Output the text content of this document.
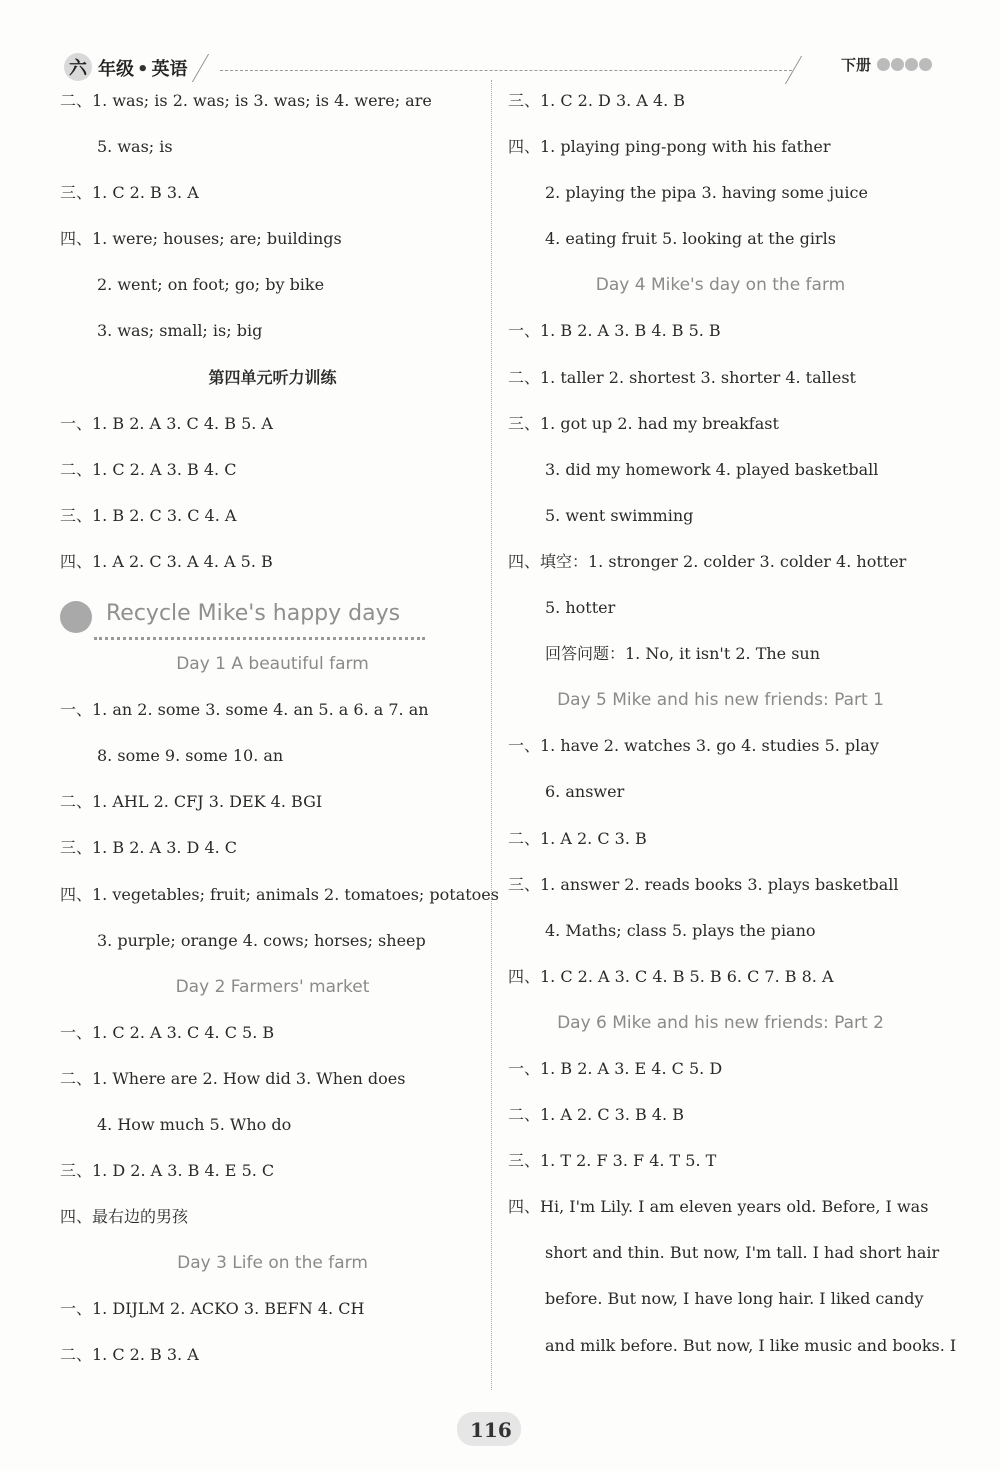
六 年级 • 英语	下册
二、1. was; is 2. was; is 3. was; is 4. were; are
5. was; is
三、1. C 2. B 3. A
四、1. were; houses; are; buildings
2. went; on foot; go; by bike
3. was; small; is; big
第四单元听力训练
一、1. B 2. A 3. C 4. B 5. A
二、1. C 2. A 3. B 4. C
三、1. B 2. C 3. C 4. A
四、1. A 2. C 3. A 4. A 5. B
Recycle Mike's happy days
Day 1 A beautiful farm
一、1. an 2. some 3. some 4. an 5. a 6. a 7. an
8. some 9. some 10. an
二、1. AHL 2. CFJ 3. DEK 4. BGI
三、1. B 2. A 3. D 4. C
四、1. vegetables; fruit; animals 2. tomatoes; potatoes
3. purple; orange 4. cows; horses; sheep
Day 2 Farmers' market
一、1. C 2. A 3. C 4. C 5. B
二、1. Where are 2. How did 3. When does
4. How much 5. Who do
三、1. D 2. A 3. B 4. E 5. C
四、最右边的男孩
Day 3 Life on the farm
一、1. DIJLM 2. ACKO 3. BEFN 4. CH
二、1. C 2. B 3. A
三、1. C 2. D 3. A 4. B
四、1. playing ping-pong with his father
2. playing the pipa 3. having some juice
4. eating fruit 5. looking at the girls
Day 4 Mike's day on the farm
一、1. B 2. A 3. B 4. B 5. B
二、1. taller 2. shortest 3. shorter 4. tallest
三、1. got up 2. had my breakfast
3. did my homework 4. played basketball
5. went swimming
四、填空：1. stronger 2. colder 3. colder 4. hotter
5. hotter
回答问题：1. No, it isn't 2. The sun
Day 5 Mike and his new friends: Part 1
一、1. have 2. watches 3. go 4. studies 5. play
6. answer
二、1. A 2. C 3. B
三、1. answer 2. reads books 3. plays basketball
4. Maths; class 5. plays the piano
四、1. C 2. A 3. C 4. B 5. B 6. C 7. B 8. A
Day 6 Mike and his new friends: Part 2
一、1. B 2. A 3. E 4. C 5. D
二、1. A 2. C 3. B 4. B
三、1. T 2. F 3. F 4. T 5. T
四、Hi, I'm Lily. I am eleven years old. Before, I was
short and thin. But now, I'm tall. I had short hair
before. But now, I have long hair. I liked candy
and milk before. But now, I like music and books. I
116
